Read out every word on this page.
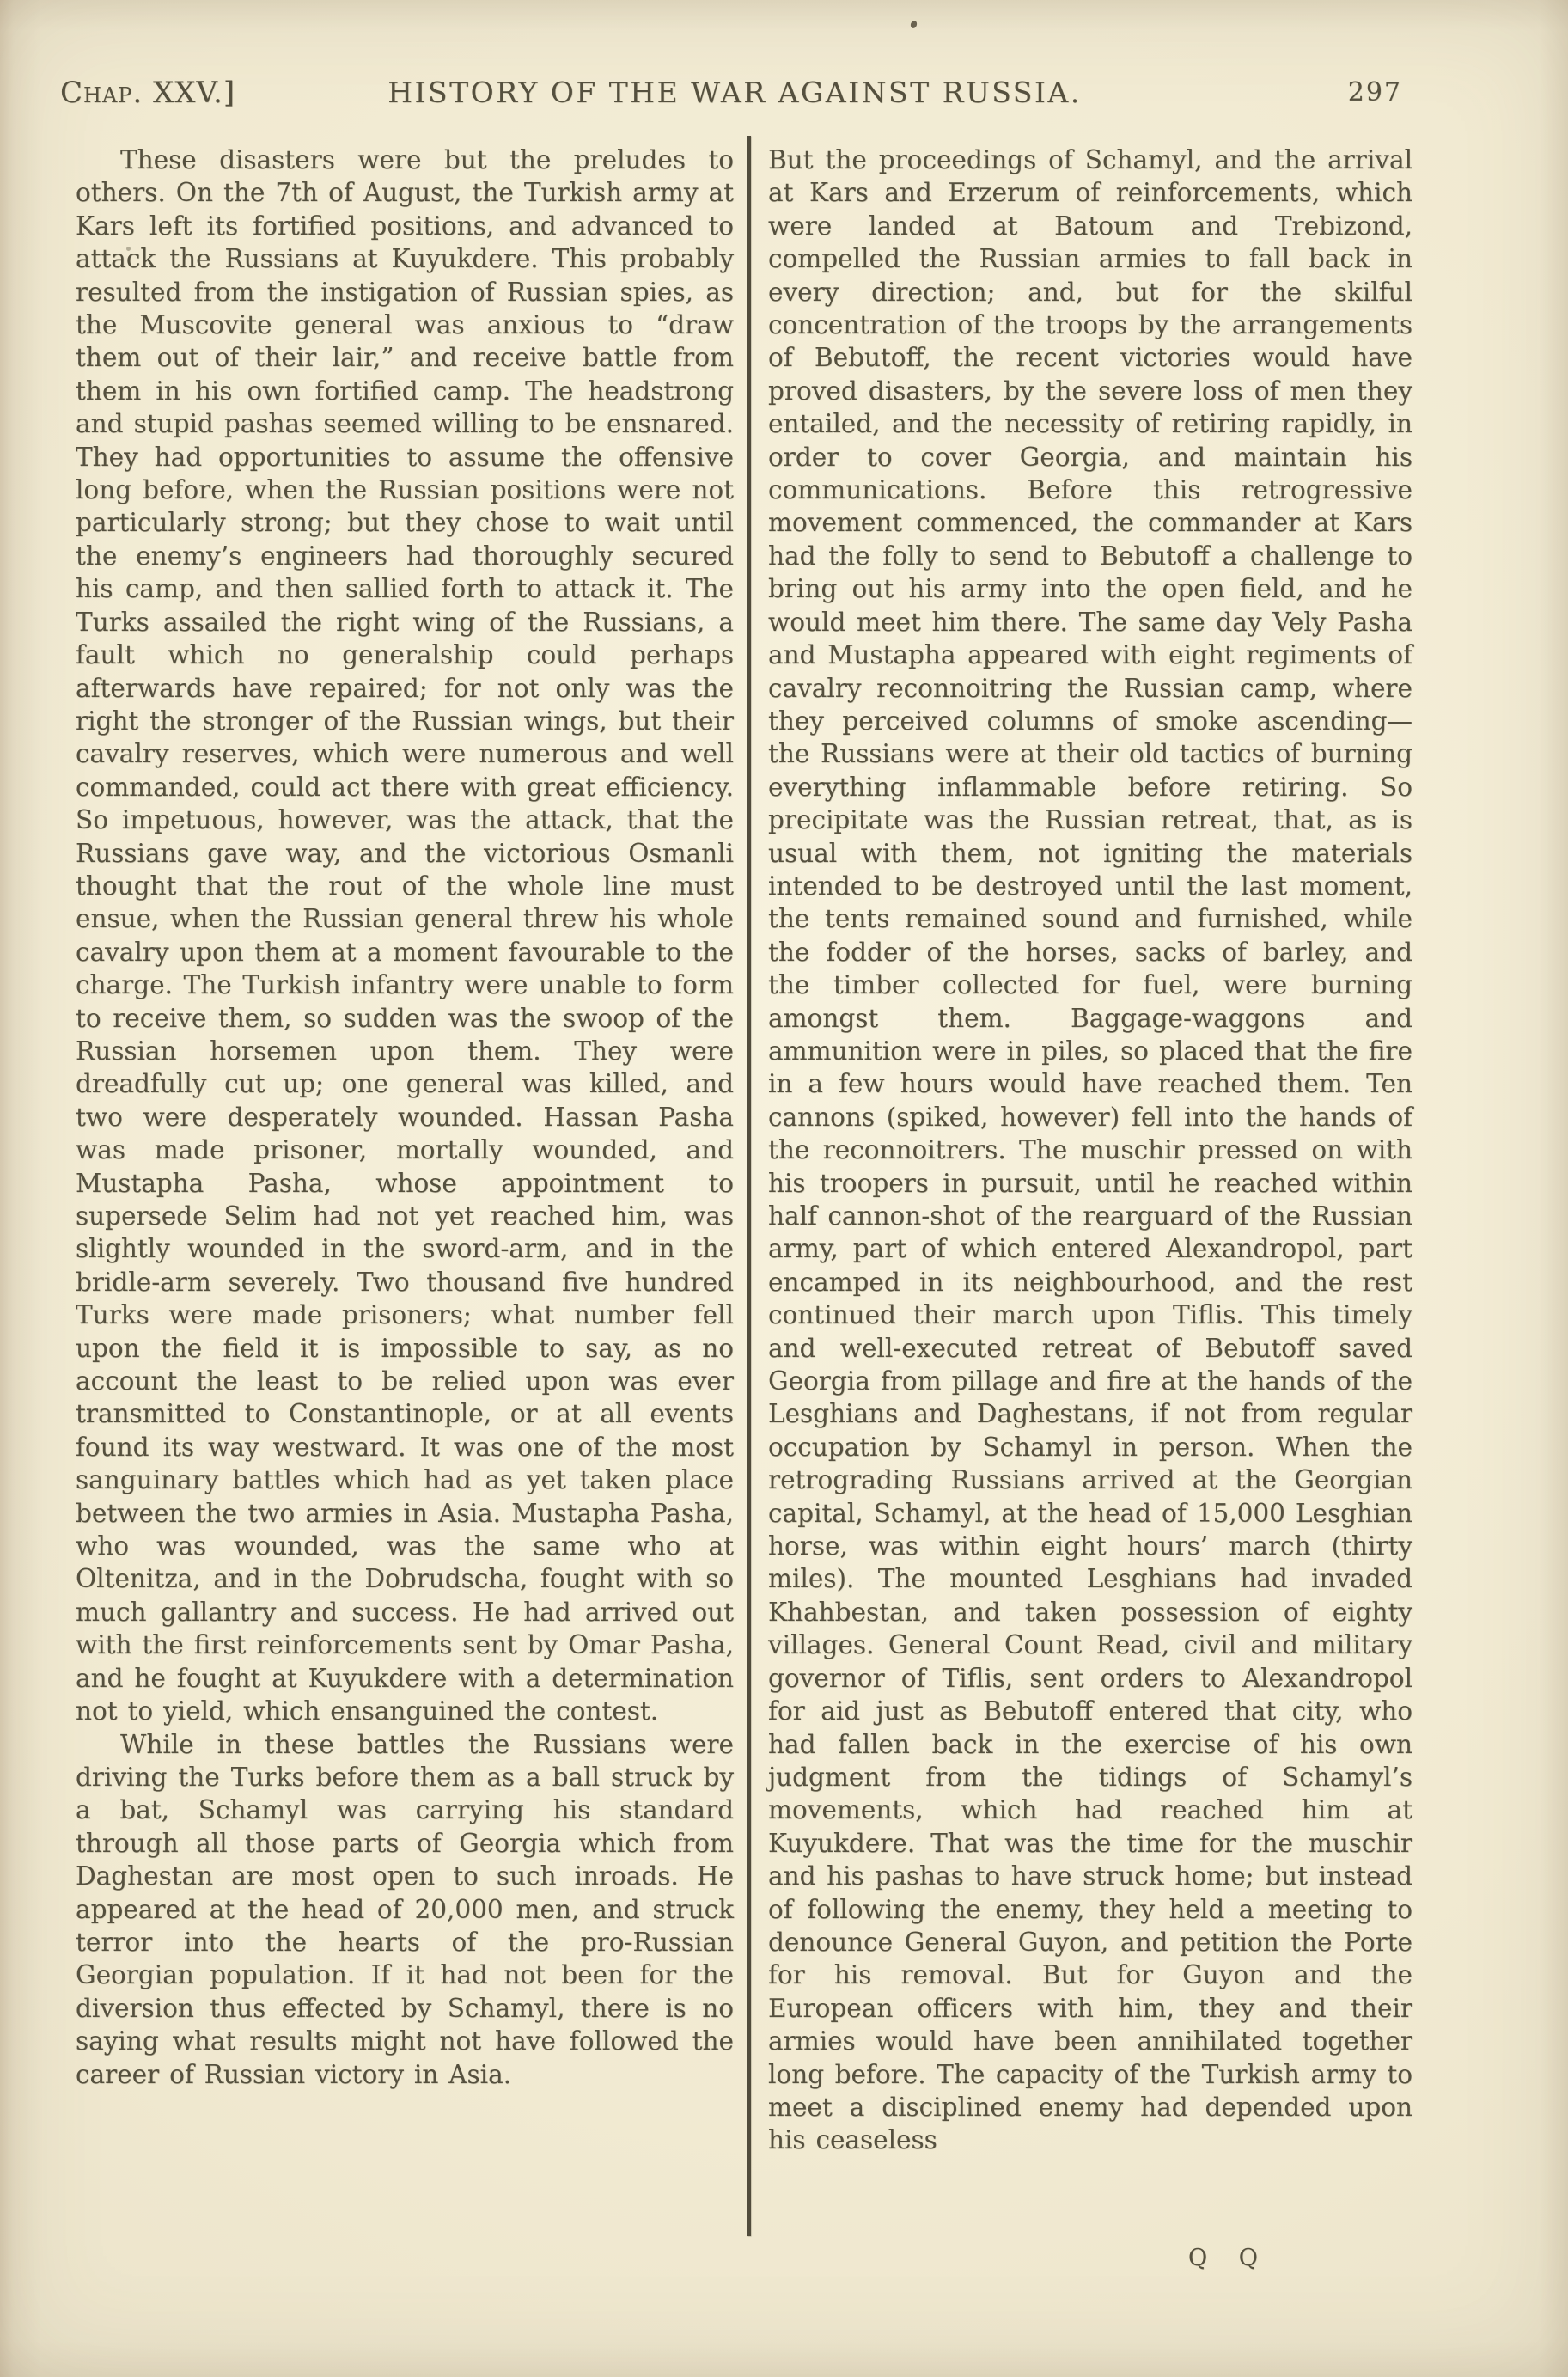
Chap. XXV.]	HISTORY OF THE WAR AGAINST RUSSIA.	297

These disasters were but the preludes to others. On the 7th of August, the Turkish army at Kars left its fortified positions, and advanced to attack the Russians at Kuyukdere. This probably resulted from the instigation of Russian spies, as the Muscovite general was anxious to “draw them out of their lair,” and receive battle from them in his own fortified camp. The headstrong and stupid pashas seemed willing to be ensnared. They had opportunities to assume the offensive long before, when the Russian positions were not particularly strong; but they chose to wait until the enemy’s engineers had thoroughly secured his camp, and then sallied forth to attack it. The Turks assailed the right wing of the Russians, a fault which no generalship could perhaps afterwards have repaired; for not only was the right the stronger of the Russian wings, but their cavalry reserves, which were numerous and well commanded, could act there with great efficiency. So impetuous, however, was the attack, that the Russians gave way, and the victorious Osmanli thought that the rout of the whole line must ensue, when the Russian general threw his whole cavalry upon them at a moment favourable to the charge. The Turkish infantry were unable to form to receive them, so sudden was the swoop of the Russian horsemen upon them. They were dreadfully cut up; one general was killed, and two were desperately wounded. Hassan Pasha was made prisoner, mortally wounded, and Mustapha Pasha, whose appointment to supersede Selim had not yet reached him, was slightly wounded in the sword-arm, and in the bridle-arm severely. Two thousand five hundred Turks were made prisoners; what number fell upon the field it is impossible to say, as no account the least to be relied upon was ever transmitted to Constantinople, or at all events found its way westward. It was one of the most sanguinary battles which had as yet taken place between the two armies in Asia. Mustapha Pasha, who was wounded, was the same who at Oltenitza, and in the Dobrudscha, fought with so much gallantry and success. He had arrived out with the first reinforcements sent by Omar Pasha, and he fought at Kuyukdere with a determination not to yield, which ensanguined the contest.

While in these battles the Russians were driving the Turks before them as a ball struck by a bat, Schamyl was carrying his standard through all those parts of Georgia which from Daghestan are most open to such inroads. He appeared at the head of 20,000 men, and struck terror into the hearts of the pro-Russian Georgian population. If it had not been for the diversion thus effected by Schamyl, there is no saying what results might not have followed the career of Russian victory in Asia.

But the proceedings of Schamyl, and the arrival at Kars and Erzerum of reinforcements, which were landed at Batoum and Trebizond, compelled the Russian armies to fall back in every direction; and, but for the skilful concentration of the troops by the arrangements of Bebutoff, the recent victories would have proved disasters, by the severe loss of men they entailed, and the necessity of retiring rapidly, in order to cover Georgia, and maintain his communications. Before this retrogressive movement commenced, the commander at Kars had the folly to send to Bebutoff a challenge to bring out his army into the open field, and he would meet him there. The same day Vely Pasha and Mustapha appeared with eight regiments of cavalry reconnoitring the Russian camp, where they perceived columns of smoke ascending—the Russians were at their old tactics of burning everything inflammable before retiring. So precipitate was the Russian retreat, that, as is usual with them, not igniting the materials intended to be destroyed until the last moment, the tents remained sound and furnished, while the fodder of the horses, sacks of barley, and the timber collected for fuel, were burning amongst them. Baggage-waggons and ammunition were in piles, so placed that the fire in a few hours would have reached them. Ten cannons (spiked, however) fell into the hands of the reconnoitrers. The muschir pressed on with his troopers in pursuit, until he reached within half cannon-shot of the rearguard of the Russian army, part of which entered Alexandropol, part encamped in its neighbourhood, and the rest continued their march upon Tiflis. This timely and well-executed retreat of Bebutoff saved Georgia from pillage and fire at the hands of the Lesghians and Daghestans, if not from regular occupation by Schamyl in person. When the retrograding Russians arrived at the Georgian capital, Schamyl, at the head of 15,000 Lesghian horse, was within eight hours’ march (thirty miles). The mounted Lesghians had invaded Khahbestan, and taken possession of eighty villages. General Count Read, civil and military governor of Tiflis, sent orders to Alexandropol for aid just as Bebutoff entered that city, who had fallen back in the exercise of his own judgment from the tidings of Schamyl’s movements, which had reached him at Kuyukdere. That was the time for the muschir and his pashas to have struck home; but instead of following the enemy, they held a meeting to denounce General Guyon, and petition the Porte for his removal. But for Guyon and the European officers with him, they and their armies would have been annihilated together long before. The capacity of the Turkish army to meet a disciplined enemy had depended upon his ceaseless

Q Q
